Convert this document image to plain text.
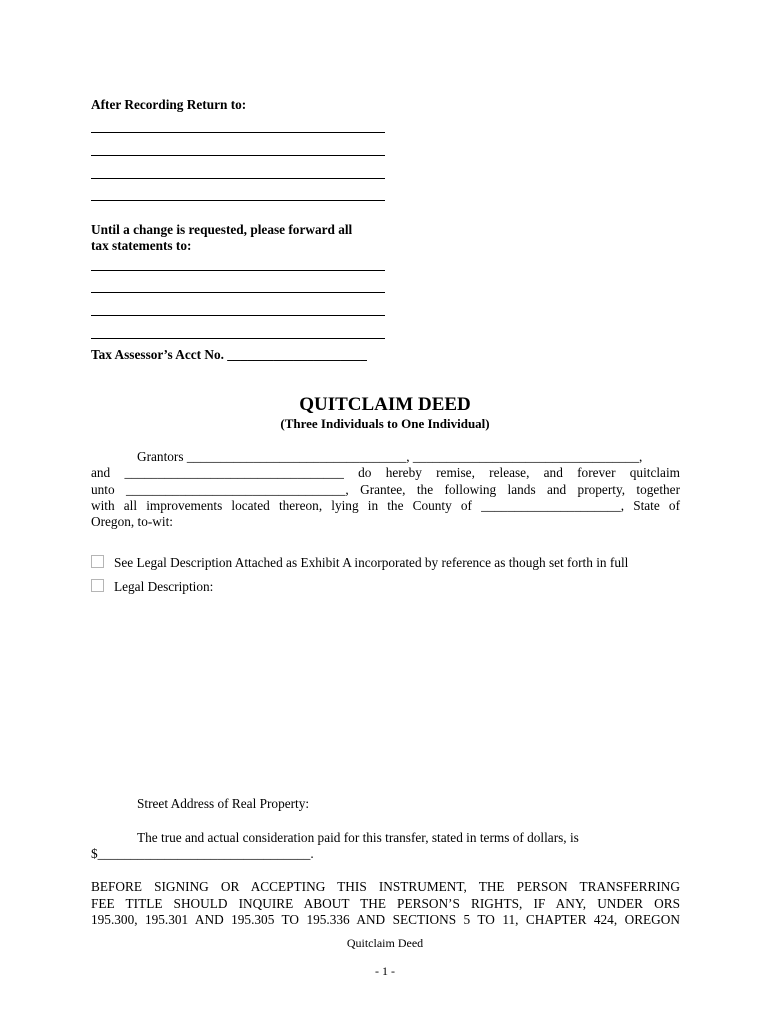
After Recording Return to:
Until a change is requested, please forward all
tax statements to:
Tax Assessor’s Acct No. _____________________
QUITCLAIM DEED
(Three Individuals to One Individual)
Grantors _________________________________, __________________________________,
and _________________________________ do hereby remise, release, and forever quitclaim
unto _________________________________, Grantee, the following lands and property, together
with all improvements located thereon, lying in the County of _____________________, State of
Oregon, to-wit:
See Legal Description Attached as Exhibit A incorporated by reference as though set forth in full
Legal Description:
Street Address of Real Property:
The true and actual consideration paid for this transfer, stated in terms of dollars, is
$________________________________.
BEFORE SIGNING OR ACCEPTING THIS INSTRUMENT, THE PERSON TRANSFERRING
FEE TITLE SHOULD INQUIRE ABOUT THE PERSON’S RIGHTS, IF ANY, UNDER ORS
195.300, 195.301 AND 195.305 TO 195.336 AND SECTIONS 5 TO 11, CHAPTER 424, OREGON
Quitclaim Deed
- 1 -
